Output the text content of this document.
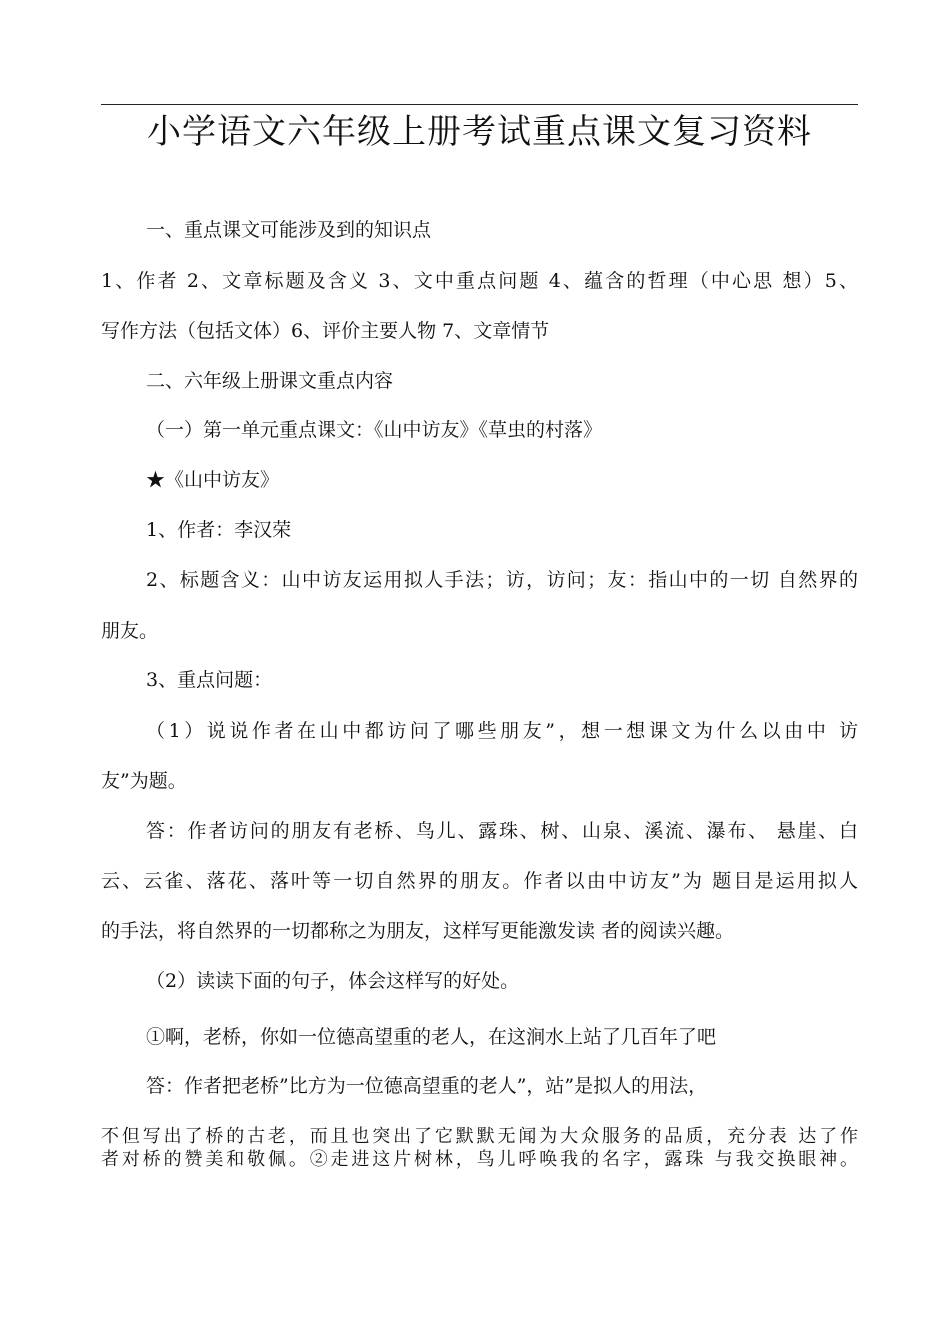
小学语文六年级上册考试重点课文复习资料
一、重点课文可能涉及到的知识点
1、作者 2、文章标题及含义 3、文中重点问题 4、蕴含的哲理（中心思 想）5、
写作方法（包括文体）6、评价主要人物 7、文章情节
二、六年级上册课文重点内容
（一）第一单元重点课文：《山中访友》《草虫的村落》
★《山中访友》
1、作者：李汉荣
2、标题含义：山中访友运用拟人手法；访，访问；友：指山中的一切 自然界的
朋友。
3、重点问题：
（1）说说作者在山中都访问了哪些朋友”，想一想课文为什么以由中 访
友”为题。
答：作者访问的朋友有老桥、鸟儿、露珠、树、山泉、溪流、瀑布、 悬崖、白
云、云雀、落花、落叶等一切自然界的朋友。作者以由中访友”为 题目是运用拟人
的手法，将自然界的一切都称之为朋友，这样写更能激发读 者的阅读兴趣。
（2）读读下面的句子，体会这样写的好处。
①啊，老桥，你如一位德高望重的老人，在这涧水上站了几百年了吧
答：作者把老桥”比方为一位德高望重的老人”，站”是拟人的用法，
不但写出了桥的古老，而且也突出了它默默无闻为大众服务的品质，充分表 达了作
者对桥的赞美和敬佩。②走进这片树林，鸟儿呼唤我的名字，露珠 与我交换眼神。
